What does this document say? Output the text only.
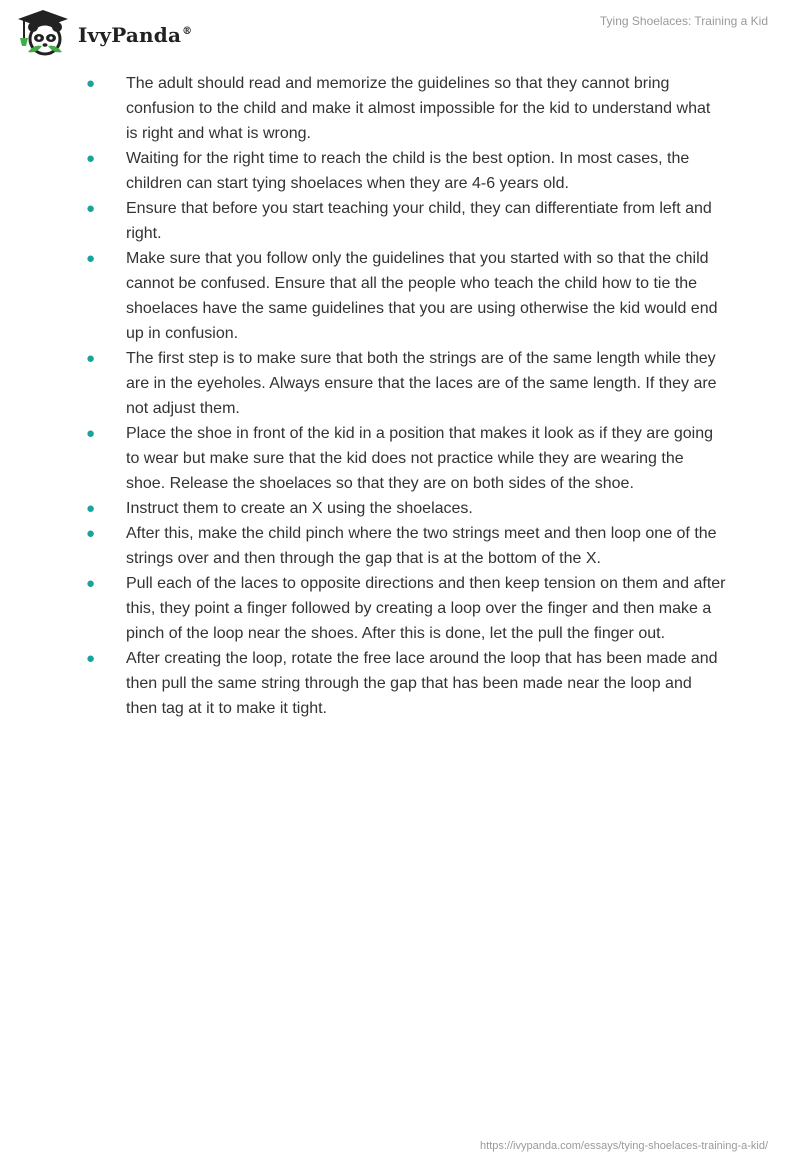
IvyPanda®
Tying Shoelaces: Training a Kid
● The adult should read and memorize the guidelines so that they cannot bring confusion to the child and make it almost impossible for the kid to understand what is right and what is wrong.
● Waiting for the right time to reach the child is the best option. In most cases, the children can start tying shoelaces when they are 4-6 years old.
● Ensure that before you start teaching your child, they can differentiate from left and right.
● Make sure that you follow only the guidelines that you started with so that the child cannot be confused. Ensure that all the people who teach the child how to tie the shoelaces have the same guidelines that you are using otherwise the kid would end up in confusion.
● The first step is to make sure that both the strings are of the same length while they are in the eyeholes. Always ensure that the laces are of the same length. If they are not adjust them.
● Place the shoe in front of the kid in a position that makes it look as if they are going to wear but make sure that the kid does not practice while they are wearing the shoe. Release the shoelaces so that they are on both sides of the shoe.
● Instruct them to create an X using the shoelaces.
● After this, make the child pinch where the two strings meet and then loop one of the strings over and then through the gap that is at the bottom of the X.
● Pull each of the laces to opposite directions and then keep tension on them and after this, they point a finger followed by creating a loop over the finger and then make a pinch of the loop near the shoes. After this is done, let the pull the finger out.
● After creating the loop, rotate the free lace around the loop that has been made and then pull the same string through the gap that has been made near the loop and then tag at it to make it tight.
https://ivypanda.com/essays/tying-shoelaces-training-a-kid/
